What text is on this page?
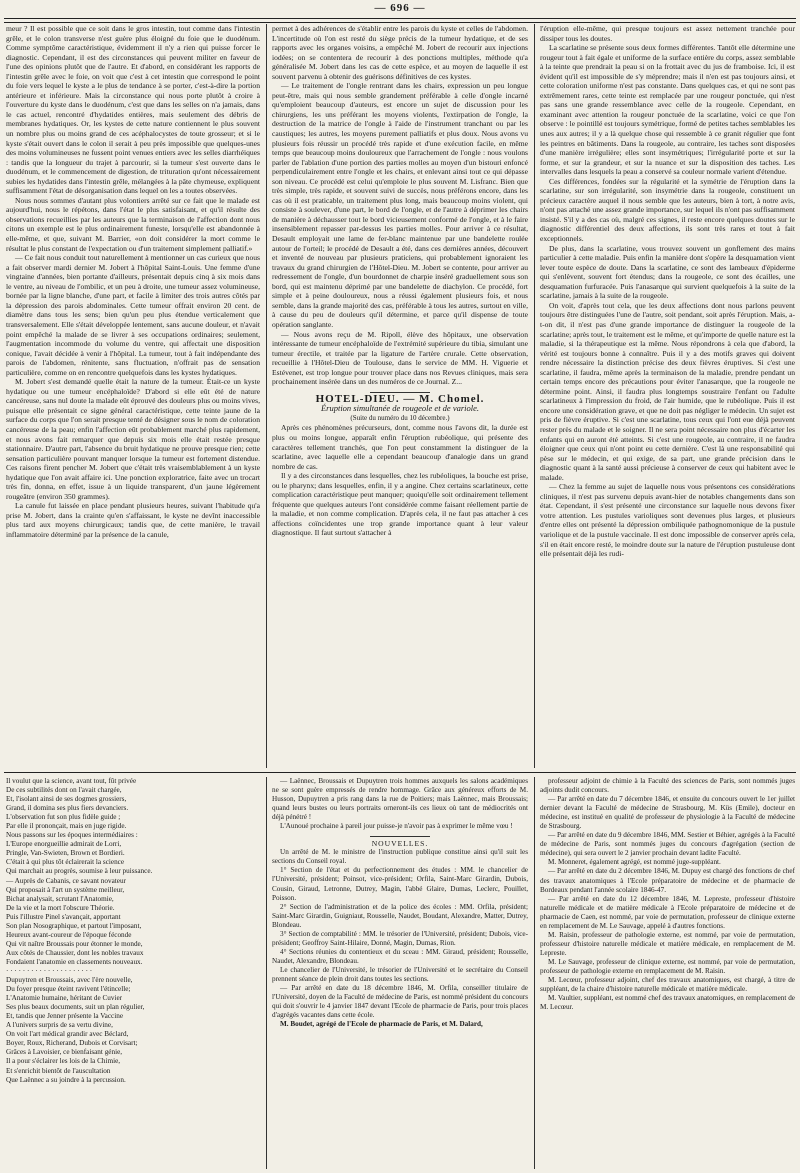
— 696 —

meur ? Il est possible que ce soit dans le gros intestin, tout comme dans l'intestin grêle, et le colon transverse n'est guère plus éloigné du foie que le duodénum. Comme symptôme caractéristique, évidemment il n'y a rien qui puisse forcer le diagnostic. Cependant, il est des circonstances qui peuvent militer en faveur de l'une des opinions plutôt que de l'autre. Et d'abord, en considérant les rapports de l'intestin grêle avec le foie, on voit que c'est à cet intestin que correspond le point du foie vers lequel le kyste a le plus de tendance à se porter, c'est-à-dire la portion antérieure et inférieure. Mais la circonstance qui nous porte plutôt à croire à l'ouverture du kyste dans le duodénum, c'est que dans les selles on n'a jamais, dans le cas actuel, rencontré d'hydatides entières, mais seulement des débris de membranes hydatiques. Or, les kystes de cette nature contiennent le plus souvent un nombre plus ou moins grand de ces acéphalocystes de toute grosseur; et si le kyste s'était ouvert dans le colon il serait à peu près impossible que quelques-unes des moins volumineuses ne fussent point venues entiers avec les selles diarrhéiques : tandis que la longueur du trajet à parcourir, si la tumeur s'est ouverte dans le duodénum, et le commencement de digestion, de trituration qu'ont nécessairement subies les hydatides dans l'intestin grêle, mélangées à la pâte chymeuse, expliquent suffisamment l'état de désorganisation dans lequel on les a toutes observées.

Nous nous sommes d'autant plus volontiers arrêté sur ce fait que le malade est aujourd'hui, nous le répétons, dans l'état le plus satisfaisant, et qu'il résulte des observations recueillies par les auteurs que la terminaison de l'affection dont nous citons un exemple est le plus ordinairement funeste, lorsqu'elle est abandonnée à elle-même, et que, suivant M. Barrier, «on doit considérer la mort comme le résultat le plus constant de l'expectation ou d'un traitement simplement palliatif.»

— Ce fait nous conduit tout naturellement à mentionner un cas curieux que nous a fait observer mardi dernier M. Jobert à l'hôpital Saint-Louis. Une femme d'une vingtaine d'années, bien portante d'ailleurs, présentait depuis cinq à six mois dans le ventre, au niveau de l'ombilic, et un peu à droite, une tumeur assez volumineuse, bornée par la ligne blanche, d'une part, et facile à limiter des trois autres côtés par la dépression des parois abdominales. Cette tumeur offrait environ 20 cent. de diamètre dans tous les sens; bien qu'un peu plus étendue verticalement que transversalement. Elle s'était développée lentement, sans aucune douleur, et n'avait point empêché la malade de se livrer à ses occupations ordinaires; seulement, l'augmentation incommode du volume du ventre, qui affectait une disposition conique, l'avait décidée à venir à l'hôpital. La tumeur, tout à fait indépendante des parois de l'abdomen, rénitente, sans fluctuation, n'offrait pas de sensation particulière, comme on en rencontre quelquefois dans les kystes hydatiques.

M. Jobert s'est demandé quelle était la nature de la tumeur. Était-ce un kyste hydatique ou une tumeur encéphaloïde? D'abord si elle eût été de nature cancéreuse, sans nul doute la malade eût éprouvé des douleurs plus ou moins vives, puisque elle présentait ce signe général caractéristique, cette teinte jaune de la surface du corps que l'on serait presque tenté de désigner sous le nom de coloration cancéreuse de la peau; enfin l'affection eût probablement marché plus rapidement, et nous avons fait remarquer que depuis six mois elle était restée presque stationnaire. D'autre part, l'absence du bruit hydatique ne prouve presque rien; cette sensation particulière pouvant manquer lorsque la tumeur est fortement distendue. Ces raisons firent pencher M. Jobert que c'était très vraisemblablement à un kyste hydatique que l'on avait affaire ici. Une ponction exploratrice, faite avec un trocart très fin, donna, en effet, issue à un liquide transparent, d'un jaune légèrement rougeâtre (environ 350 grammes).

La canule fut laissée en place pendant plusieurs heures, suivant l'habitude qu'a prise M. Jobert, dans la crainte qu'en s'affaissant, le kyste ne devînt inaccessible plus tard aux moyens chirurgicaux; tandis que, de cette manière, le travail inflammatoire déterminé par la présence de la canule,

permet à des adhérences de s'établir entre les parois du kyste et celles de l'abdomen. L'incertitude où l'on est resté du siège précis de la tumeur hydatique, et de ses rapports avec les organes voisins, a empêché M. Jobert de recourir aux injections iodées; on se contentera de recourir à des ponctions multiples, méthode qu'a généralisée M. Jobert dans les cas de cette espèce, et au moyen de laquelle il est souvent parvenu à obtenir des guérisons définitives de ces kystes.

— Le traitement de l'ongle rentrant dans les chairs, expression un peu longue peut-être, mais qui nous semble grandement préférable à celle d'ongle incarné qu'emploient beaucoup d'auteurs, est encore un sujet de discussion pour les chirurgiens, les uns préférant les moyens violents, l'extirpation de l'ongle, la destruction de la matrice de l'ongle à l'aide de l'instrument tranchant ou par les caustiques; les autres, les moyens purement palliatifs et plus doux. Nous avons vu plusieurs fois réussir un procédé très rapide et d'une exécution facile, en même temps que beaucoup moins douloureux que l'arrachement de l'ongle : nous voulons parler de l'ablation d'une portion des parties molles au moyen d'un bistouri enfoncé perpendiculairement entre l'ongle et les chairs, et enlevant ainsi tout ce qui dépasse son niveau. Ce procédé est celui qu'emploie le plus souvent M. Lisfranc. Bien que très simple, très rapide, et souvent suivi de succès, nous préférons encore, dans les cas où il est praticable, un traitement plus long, mais beaucoup moins violent, qui consiste à soulever, d'une part, le bord de l'ongle, et de l'autre à déprimer les chairs de manière à déchausser tout le bord vicieusement conformé de l'ongle, et à le faire insensiblement repasser par-dessus les parties molles. Pour arriver à ce résultat, Desault employait une lame de fer-blanc maintenue par une bandelette roulée autour de l'orteil; le procédé de Desault a été, dans ces dernières années, découvert et inventé de nouveau par plusieurs praticiens, qui probablement ignoraient les travaux du grand chirurgien de l'Hôtel-Dieu. M. Jobert se contente, pour arriver au redressement de l'ongle, d'un bourdonnet de charpie inséré graduellement sous son bord, qui est maintenu déprimé par une bandelette de diachylon. Ce procédé, fort simple et à peine douloureux, nous a réussi également plusieurs fois, et nous semble, dans la grande majorité des cas, préférable à tous les autres, surtout en ville, à cause du peu de douleurs qu'il détermine, et parce qu'il dispense de toute opération sanglante.

— Nous avons reçu de M. Ripoll, élève des hôpitaux, une observation intéressante de tumeur encéphaloïde de l'extrémité supérieure du tibia, simulant une tumeur érectile, et traitée par la ligature de l'artère crurale. Cette observation, recueillie à l'Hôtel-Dieu de Toulouse, dans le service de MM. H. Viguerie et Estévenet, est trop longue pour trouver place dans nos Revues cliniques, mais sera prochainement insérée dans un des numéros de ce Journal. Z...

HOTEL-DIEU. — M. Chomel.

Éruption simultanée de rougeole et de variole.

(Suite du numéro du 10 décembre.)

Après ces phénomènes précurseurs, dont, comme nous l'avons dit, la durée est plus ou moins longue, apparaît enfin l'éruption rubéolique, qui présente des caractères tellement tranchés, que l'on peut constamment la distinguer de la scarlatine, avec laquelle elle a cependant beaucoup d'analogie dans un grand nombre de cas.

Il y a des circonstances dans lesquelles, chez les rubéoliques, la bouche est prise, ou le pharynx; dans lesquelles, enfin, il y a angine. Chez certains scarlatineux, cette complication caractéristique peut manquer; quoiqu'elle soit ordinairement tellement fréquente que quelques auteurs l'ont considérée comme faisant réellement partie de la maladie, et non comme complication. D'après cela, il ne faut pas attacher à ces affections coïncidentes une trop grande importance quant à leur valeur diagnostique. Il faut surtout s'attacher à

l'éruption elle-même, qui presque toujours est assez nettement tranchée pour dissiper tous les doutes.

La scarlatine se présente sous deux formes différentes. Tantôt elle détermine une rougeur tout à fait égale et uniforme de la surface entière du corps, assez semblable à la teinte que prendrait la peau si on la frottait avec du jus de framboise. Ici, il est évident qu'il est impossible de s'y méprendre; mais il n'en est pas toujours ainsi, et cette coloration uniforme n'est pas constante. Dans quelques cas, et qui ne sont pas extrêmement rares, cette teinte est remplacée par une rougeur ponctuée, qui n'est pas sans une grande ressemblance avec celle de la rougeole. Cependant, en examinant avec attention la rougeur ponctuée de la scarlatine, voici ce que l'on observe : le pointillé est toujours symétrique, formé de petites taches semblables les unes aux autres; il y a là quelque chose qui ressemble à ce granit régulier que font les peintres en bâtiments. Dans la rougeole, au contraire, les taches sont disposées d'une manière irrégulière; elles sont insymétriques; l'irrégularité porte et sur la forme, et sur la grandeur, et sur la nuance et sur la disposition des taches. Les intervalles dans lesquels la peau a conservé sa couleur normale varient d'étendue.

Ces différences, fondées sur la régularité et la symétrie de l'éruption dans la scarlatine, sur son irrégularité, son insymétrie dans la rougeole, constituent un précieux caractère auquel il nous semble que les auteurs, bien à tort, à notre avis, n'ont pas attaché une assez grande importance, sur lequel ils n'ont pas suffisamment insisté. S'il y a des cas où, malgré ces signes, il reste encore quelques doutes sur le diagnostic différentiel des deux affections, ils sont très rares et tout à fait exceptionnels.

De plus, dans la scarlatine, vous trouvez souvent un gonflement des mains particulier à cette maladie. Puis enfin la manière dont s'opère la desquamation vient lever toute espèce de doute. Dans la scarlatine, ce sont des lambeaux d'épiderme qui s'enlèvent, souvent fort étendus; dans la rougeole, ce sont des écailles, une desquamation furfuracée. Puis l'anasarque qui survient quelquefois à la suite de la scarlatine, jamais à la suite de la rougeole.

On voit, d'après tout cela, que les deux affections dont nous parlons peuvent toujours être distinguées l'une de l'autre, soit pendant, soit après l'éruption. Mais, a-t-on dit, il n'est pas d'une grande importance de distinguer la rougeole de la scarlatine; après tout, le traitement est le même, et qu'importe de quelle nature est la maladie, si la thérapeutique est la même. Nous répondrons à cela que d'abord, la vérité est toujours bonne à connaître. Puis il y a des motifs graves qui doivent rendre nécessaire la distinction précise des deux fièvres éruptives. Si c'est une scarlatine, il faudra, même après la terminaison de la maladie, prendre pendant un certain temps encore des précautions pour éviter l'anasarque, que la rougeole ne détermine point. Ainsi, il faudra plus longtemps soustraire l'enfant ou l'adulte scarlatineux à l'impression du froid, de l'air humide, que le rubéolique. Puis il est encore une considération grave, et que ne doit pas négliger le médecin. Un sujet est pris de fièvre éruptive. Si c'est une scarlatine, tous ceux qui l'ont eue déjà peuvent rester près du malade et le soigner. Il ne sera point nécessaire non plus d'écarter les enfants qui en auront été atteints. Si c'est une rougeole, au contraire, il ne faudra éloigner que ceux qui n'ont point eu cette dernière. C'est là une responsabilité qui pèse sur le médecin, et qui exige, de sa part, une grande précision dans le diagnostic quant à la santé aussi précieuse à conserver de ceux qui habitent avec le malade.

— Chez la femme au sujet de laquelle nous vous présentons ces considérations cliniques, il n'est pas survenu depuis avant-hier de notables changements dans son état. Cependant, il s'est présenté une circonstance sur laquelle nous devons fixer votre attention. Les pustules varioliques sont devenues plus larges, et plusieurs d'entre elles ont présenté la dépression ombiliquée pathognomonique de la pustule variolique et de la pustule vaccinale. Il est donc impossible de conserver après cela, s'il en était encore resté, le moindre doute sur la nature de l'éruption pustuleuse dont elle présentait déjà les rudi-

Il voulut que la science, avant tout, fût privée

De ces subtilités dont on l'avait chargée,

Et, l'isolant ainsi de ses dogmes grossiers,

Grand, il domina ses plus fiers devanciers.

L'observation fut son plus fidèle guide ;

Par elle il prononçait, mais en juge rigide.

Nous passons sur les époques intermédiaires :

L'Europe enorgueillie admirait de Lorri,

Pringle, Van-Swieten, Brown et Bordieri.

C'était à qui plus tôt éclairerait la science

Qui marchait au progrès, soumise à leur puissance.

— Auprès de Cabanis, ce savant novateur

Qui proposait à l'art un système meilleur,

Bichat analysait, scrutant l'Anatomie,

De la vie et la mort l'obscure Théorie.

Puis l'illustre Pinel s'avançait, apportant

Son plan Nosographique, et partout l'imposant,

Heureux avant-coureur de l'époque féconde

Qui vit naître Broussais pour étonner le monde,

Aux côtés de Chaussier, dont les nobles travaux

Fondaient l'anatomie en classements nouveaux.

· · · · · · · · · · · · · · · · · · · · ·

Dupuytren et Broussais, avec l'ère nouvelle,

Du foyer presque éteint ravivent l'étincelle;

L'Anatomie humaine, héritant de Cuvier

Ses plus beaux documents, suit un plan régulier,

Et, tandis que Jenner présente la Vaccine

A l'univers surpris de sa vertu divine,

On voit l'art médical grandir avec Béclard,

Boyer, Roux, Richerand, Dubois et Corvisart;

Grâces à Lavoisier, ce bienfaisant génie,

Il a pour s'éclairer les lois de la Chimie,

Et s'enrichit bientôt de l'auscultation

Que Laënnec a su joindre à la percussion.

— Laënnec, Broussais et Dupuytren trois hommes auxquels les salons académiques ne se sont guère empressés de rendre hommage. Grâce aux généreux efforts de M. Husson, Dupuytren a pris rang dans la rue de Poitiers; mais Laënnec, mais Broussais; quand leurs bustes ou leurs portraits orneront-ils ces lieux où tant de médiocrités ont déjà pénétré !

L'Aunoué prochaine à pareil jour puisse-je n'avoir pas à exprimer le même vœu !

NOUVELLES.

Un arrêté de M. le ministre de l'instruction publique constitue ainsi qu'il suit les sections du Conseil royal.

1° Section de l'état et du perfectionnement des études : MM. le chancelier de l'Université, président; Poinsot, vice-président; Orfila, Saint-Marc Girardin, Dubois, Cousin, Giraud, Letronne, Dutrey, Magin, l'abbé Glaire, Dumas, Leclerc, Pouillet, Poisson.

2° Section de l'administration et de la police des écoles : MM. Orfila, président; Saint-Marc Girardin, Guigniaut, Rousselle, Naudet, Boudant, Alexandre, Matter, Dutrey, Blondeau.

3° Section de comptabilité : MM. le trésorier de l'Université, président; Dubois, vice-président; Geoffroy Saint-Hilaire, Donné, Magin, Dumas, Rion.

4° Sections réunies du contentieux et du sceau : MM. Giraud, président; Rousselle, Naudet, Alexandre, Blondeau.

Le chancelier de l'Université, le trésorier de l'Université et le secrétaire du Conseil prennent séance de plein droit dans toutes les sections.

— Par arrêté en date du 18 décembre 1846, M. Orfila, conseiller titulaire de l'Université, doyen de la Faculté de médecine de Paris, est nommé président du concours qui doit s'ouvrir le 4 janvier 1847 devant l'Ecole de pharmacie de Paris, pour trois places d'agrégés vacantes dans cette école.

M. Boudet, agrégé de l'Ecole de pharmacie de Paris, et M. Dalard,

professeur adjoint de chimie à la Faculté des sciences de Paris, sont nommés juges adjoints dudit concours.

— Par arrêté en date du 7 décembre 1846, et ensuite du concours ouvert le 1er juillet dernier devant la Faculté de médecine de Strasbourg, M. Küs (Emile), docteur en médecine, est institué en qualité de professeur de physiologie à la Faculté de médecine de Strasbourg.

— Par arrêté en date du 9 décembre 1846, MM. Sestier et Béhier, agrégés à la Faculté de médecine de Paris, sont nommés juges du concours d'agrégation (section de médecine), qui sera ouvert le 2 janvier prochain devant ladite Faculté.

M. Monneret, également agrégé, est nommé juge-suppléant.

— Par arrêté en date du 2 décembre 1846, M. Dupuy est chargé des fonctions de chef des travaux anatomiques à l'Ecole préparatoire de médecine et de pharmacie de Bordeaux pendant l'année scolaire 1846-47.

— Par arrêté en date du 12 décembre 1846, M. Lepreste, professeur d'histoire naturelle médicale et de matière médicale à l'Ecole préparatoire de médecine et de pharmacie de Caen, est nommé, par voie de permutation, professeur de clinique externe en remplacement de M. Le Sauvage, appelé à d'autres fonctions.

M. Raisin, professeur de pathologie externe, est nommé, par voie de permutation, professeur d'histoire naturelle médicale et matière médicale, en remplacement de M. Lepreste.

M. Le Sauvage, professeur de clinique externe, est nommé, par voie de permutation, professeur de pathologie externe en remplacement de M. Raisin.

M. Lecœur, professeur adjoint, chef des travaux anatomiques, est chargé, à titre de suppléant, de la chaire d'histoire naturelle médicale et matière médicale.

M. Vaultier, suppléant, est nommé chef des travaux anatomiques, en remplacement de M. Lecœur.
